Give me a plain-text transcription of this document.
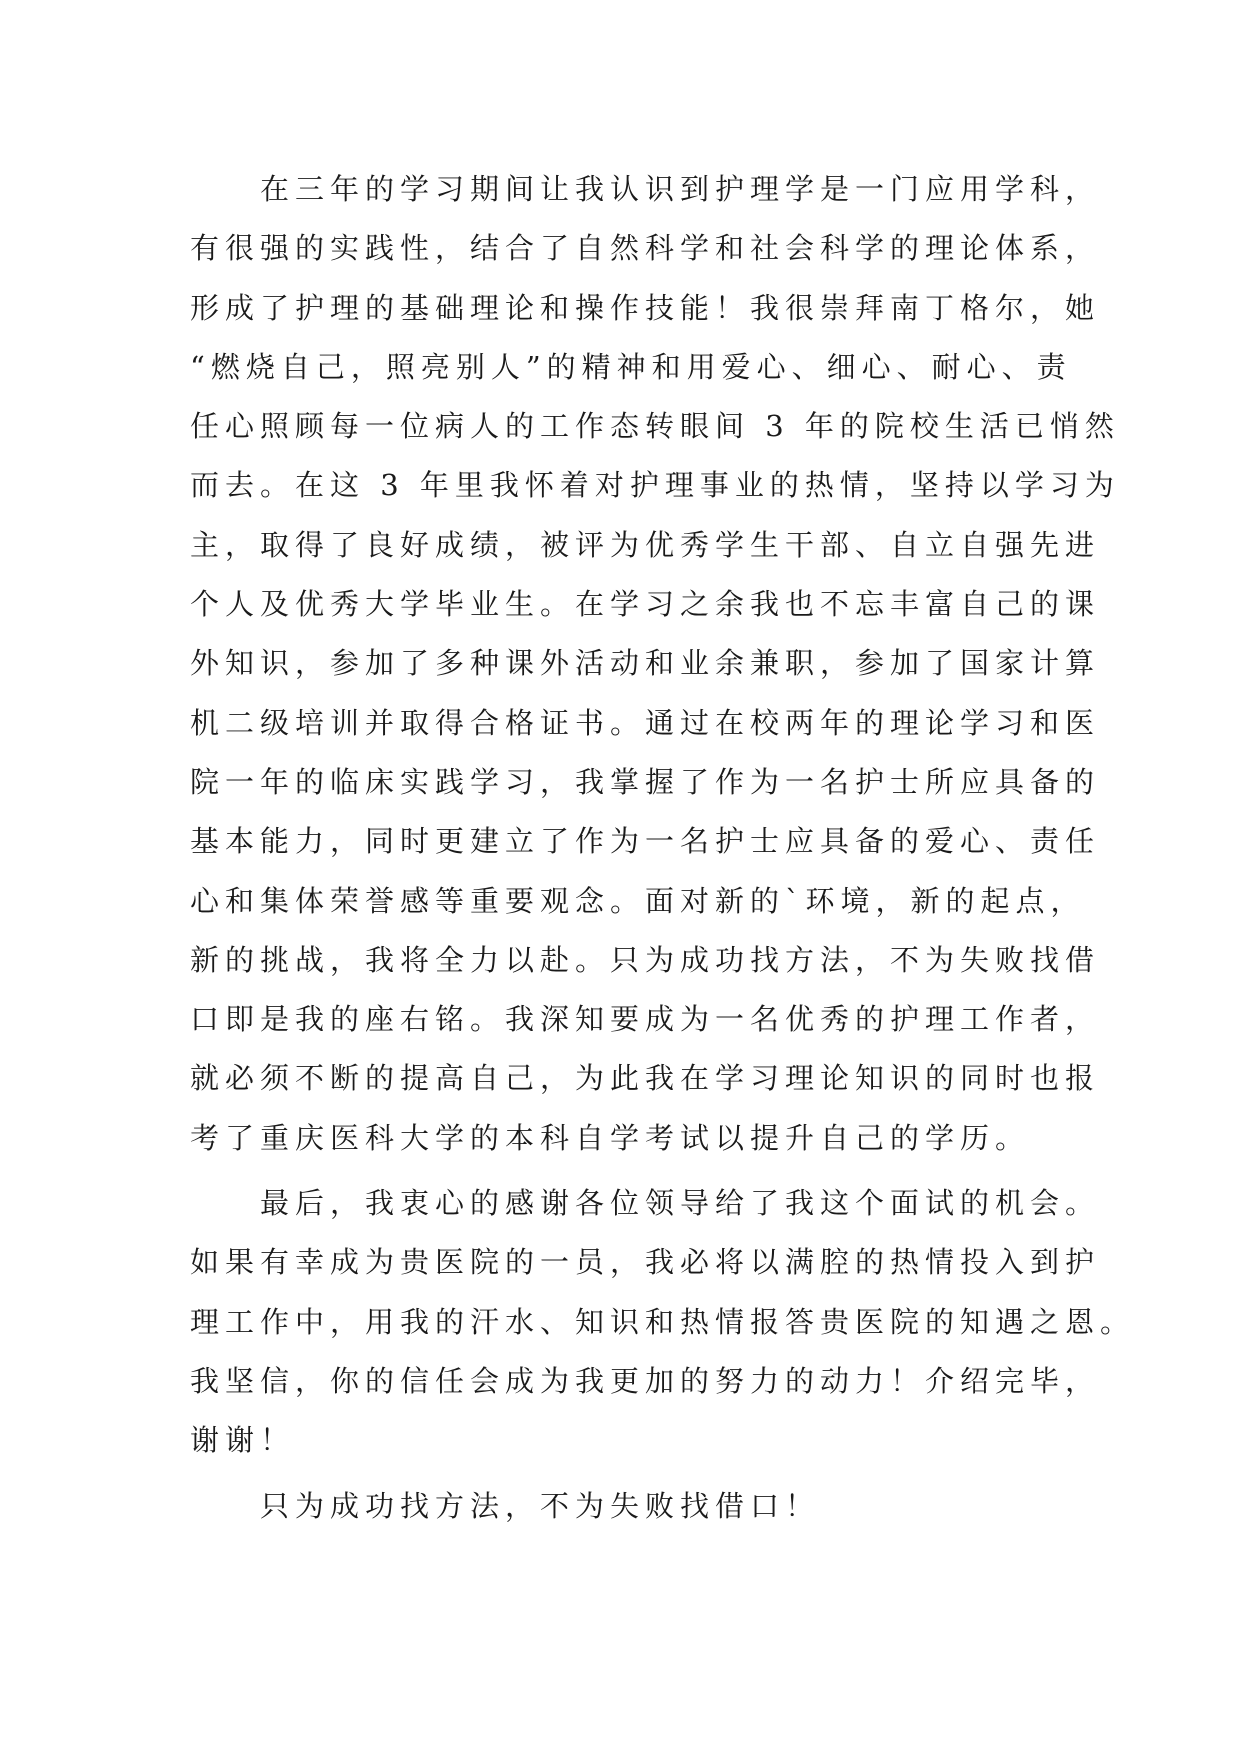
在三年的学习期间让我认识到护理学是一门应用学科，
有很强的实践性，结合了自然科学和社会科学的理论体系，
形成了护理的基础理论和操作技能！我很崇拜南丁格尔，她
“燃烧自己，照亮别人”的精神和用爱心、细心、耐心、责
任心照顾每一位病人的工作态转眼间 3 年的院校生活已悄然
而去。在这 3 年里我怀着对护理事业的热情，坚持以学习为
主，取得了良好成绩，被评为优秀学生干部、自立自强先进
个人及优秀大学毕业生。在学习之余我也不忘丰富自己的课
外知识，参加了多种课外活动和业余兼职，参加了国家计算
机二级培训并取得合格证书。通过在校两年的理论学习和医
院一年的临床实践学习，我掌握了作为一名护士所应具备的
基本能力，同时更建立了作为一名护士应具备的爱心、责任
心和集体荣誉感等重要观念。面对新的`环境，新的起点，
新的挑战，我将全力以赴。只为成功找方法，不为失败找借
口即是我的座右铭。我深知要成为一名优秀的护理工作者，
就必须不断的提高自己，为此我在学习理论知识的同时也报
考了重庆医科大学的本科自学考试以提升自己的学历。
最后，我衷心的感谢各位领导给了我这个面试的机会。
如果有幸成为贵医院的一员，我必将以满腔的热情投入到护
理工作中，用我的汗水、知识和热情报答贵医院的知遇之恩。
我坚信，你的信任会成为我更加的努力的动力！介绍完毕，
谢谢！
只为成功找方法，不为失败找借口！
